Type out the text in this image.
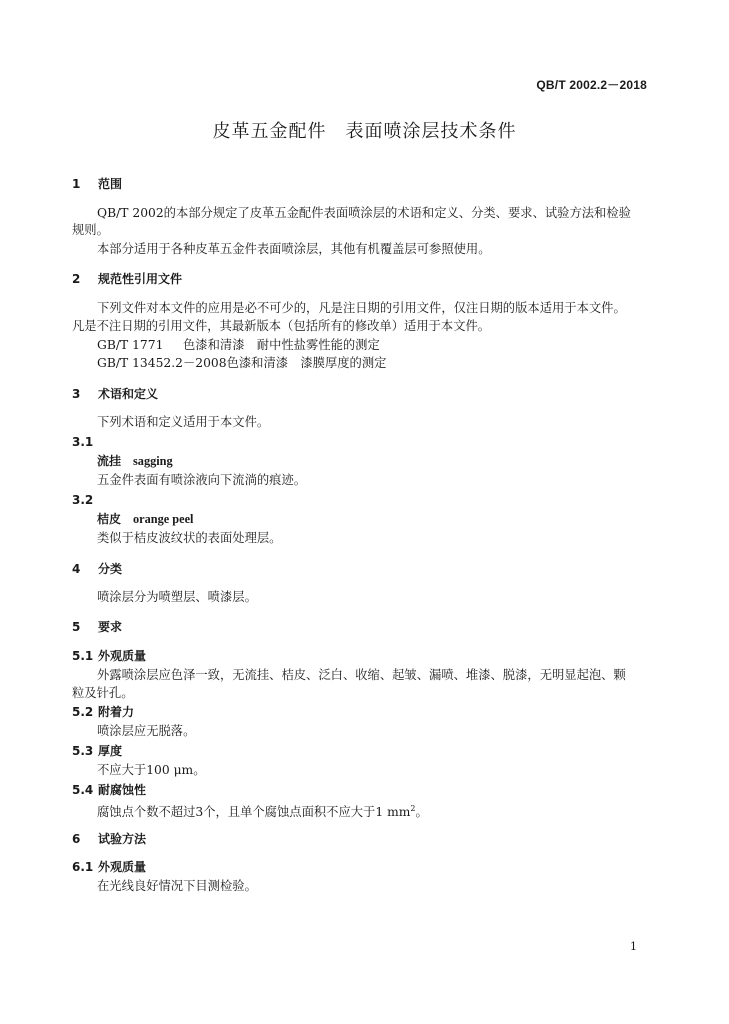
QB/T 2002.2－2018
皮革五金配件　表面喷涂层技术条件
1 范围
QB/T 2002的本部分规定了皮革五金配件表面喷涂层的术语和定义、分类、要求、试验方法和检验
规则。
本部分适用于各种皮革五金件表面喷涂层，其他有机覆盖层可参照使用。
2 规范性引用文件
下列文件对本文件的应用是必不可少的，凡是注日期的引用文件，仅注日期的版本适用于本文件。
凡是不注日期的引用文件，其最新版本（包括所有的修改单）适用于本文件。
GB/T 1771 色漆和清漆　耐中性盐雾性能的测定
GB/T 13452.2－2008色漆和清漆　漆膜厚度的测定
3 术语和定义
下列术语和定义适用于本文件。
3.1
流挂 sagging
五金件表面有喷涂液向下流淌的痕迹。
3.2
桔皮 orange peel
类似于桔皮波纹状的表面处理层。
4 分类
喷涂层分为喷塑层、喷漆层。
5 要求
5.1 外观质量
外露喷涂层应色泽一致，无流挂、桔皮、泛白、收缩、起皱、漏喷、堆漆、脱漆，无明显起泡、颗
粒及针孔。
5.2 附着力
喷涂层应无脱落。
5.3 厚度
不应大于100 μm。
5.4 耐腐蚀性
腐蚀点个数不超过3个，且单个腐蚀点面积不应大于1 $mm^2$。
6 试验方法
6.1 外观质量
在光线良好情况下目测检验。
1
